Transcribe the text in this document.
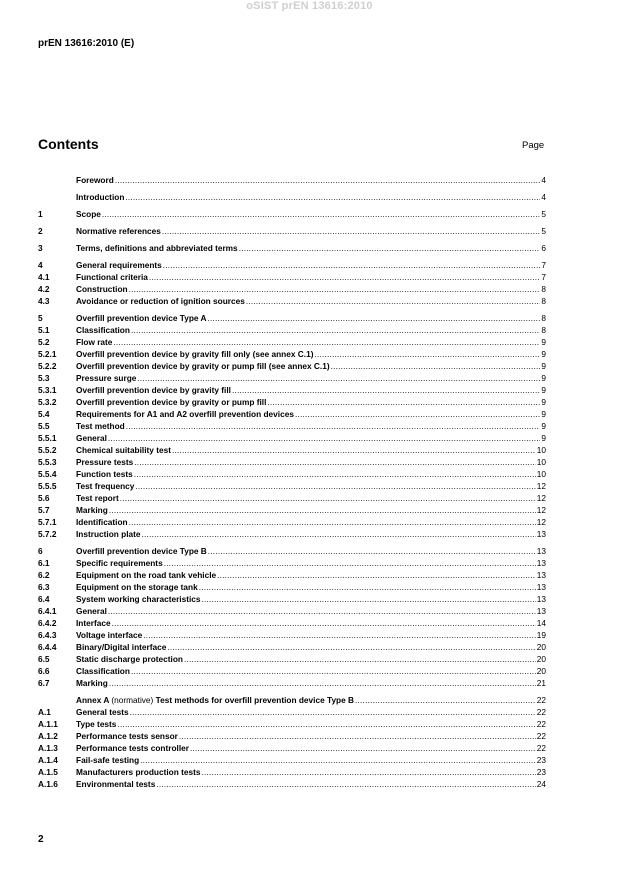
oSIST prEN 13616:2010
prEN 13616:2010 (E)
Contents	Page
Foreword .....	4
Introduction .....	4
1	Scope .....	5
2	Normative references .....	5
3	Terms, definitions and abbreviated terms .....	6
4	General requirements .....	7
4.1	Functional criteria .....	7
4.2	Construction .....	8
4.3	Avoidance or reduction of ignition sources .....	8
5	Overfill prevention device Type A .....	8
5.1	Classification .....	8
5.2	Flow rate .....	9
5.2.1	Overfill prevention device by gravity fill only (see annex C.1) .....	9
5.2.2	Overfill prevention device by gravity or pump fill (see annex C.1) .....	9
5.3	Pressure surge .....	9
5.3.1	Overfill prevention device by gravity fill .....	9
5.3.2	Overfill prevention device by gravity or pump fill .....	9
5.4	Requirements for A1 and A2 overfill prevention devices .....	9
5.5	Test method .....	9
5.5.1	General .....	9
5.5.2	Chemical suitability test .....	10
5.5.3	Pressure tests .....	10
5.5.4	Function tests .....	10
5.5.5	Test frequency .....	12
5.6	Test report .....	12
5.7	Marking .....	12
5.7.1	Identification .....	12
5.7.2	Instruction plate .....	13
6	Overfill prevention device Type B .....	13
6.1	Specific requirements .....	13
6.2	Equipment on the road tank vehicle .....	13
6.3	Equipment on the storage tank .....	13
6.4	System working characteristics .....	13
6.4.1	General .....	13
6.4.2	Interface .....	14
6.4.3	Voltage interface .....	19
6.4.4	Binary/Digital interface .....	20
6.5	Static discharge protection .....	20
6.6	Classification .....	20
6.7	Marking .....	21
Annex A (normative) Test methods for overfill prevention device Type B .....	22
A.1	General tests .....	22
A.1.1	Type tests .....	22
A.1.2	Performance tests sensor .....	22
A.1.3	Performance tests controller .....	22
A.1.4	Fail-safe testing .....	23
A.1.5	Manufacturers production tests .....	23
A.1.6	Environmental tests .....	24
2
